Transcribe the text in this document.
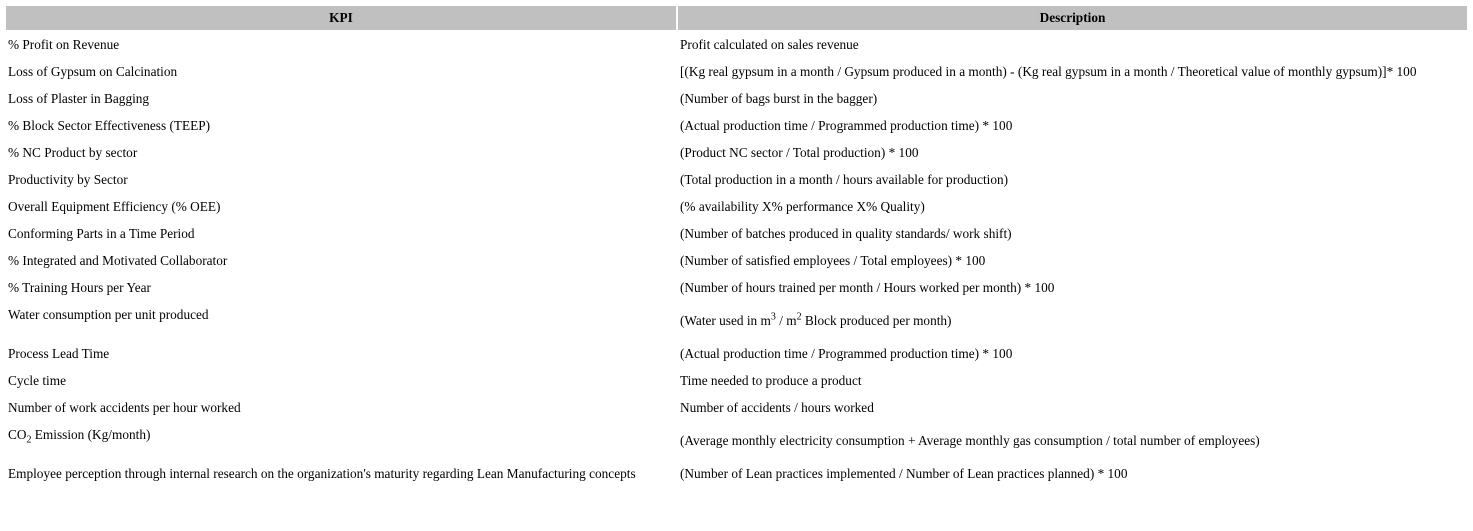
KPI	Description
% Profit on Revenue	Profit calculated on sales revenue
Loss of Gypsum on Calcination	[(Kg real gypsum in a month / Gypsum produced in a month) - (Kg real gypsum in a month / Theoretical value of monthly gypsum)]* 100
Loss of Plaster in Bagging	(Number of bags burst in the bagger)
% Block Sector Effectiveness (TEEP)	(Actual production time / Programmed production time) * 100
% NC Product by sector	(Product NC sector / Total production) * 100
Productivity by Sector	(Total production in a month / hours available for production)
Overall Equipment Efficiency (% OEE)	(% availability X% performance X% Quality)
Conforming Parts in a Time Period	(Number of batches produced in quality standards/ work shift)
% Integrated and Motivated Collaborator	(Number of satisfied employees / Total employees) * 100
% Training Hours per Year	(Number of hours trained per month / Hours worked per month) * 100
Water consumption per unit produced	(Water used in $m^3 / m^2$ Block produced per month)
Process Lead Time	(Actual production time / Programmed production time) * 100
Cycle time	Time needed to produce a product
Number of work accidents per hour worked	Number of accidents / hours worked
$CO_2$ Emission (Kg/month)	(Average monthly electricity consumption + Average monthly gas consumption / total number of employees)
Employee perception through internal research on the organization's maturity regarding Lean Manufacturing concepts	(Number of Lean practices implemented / Number of Lean practices planned) * 100
